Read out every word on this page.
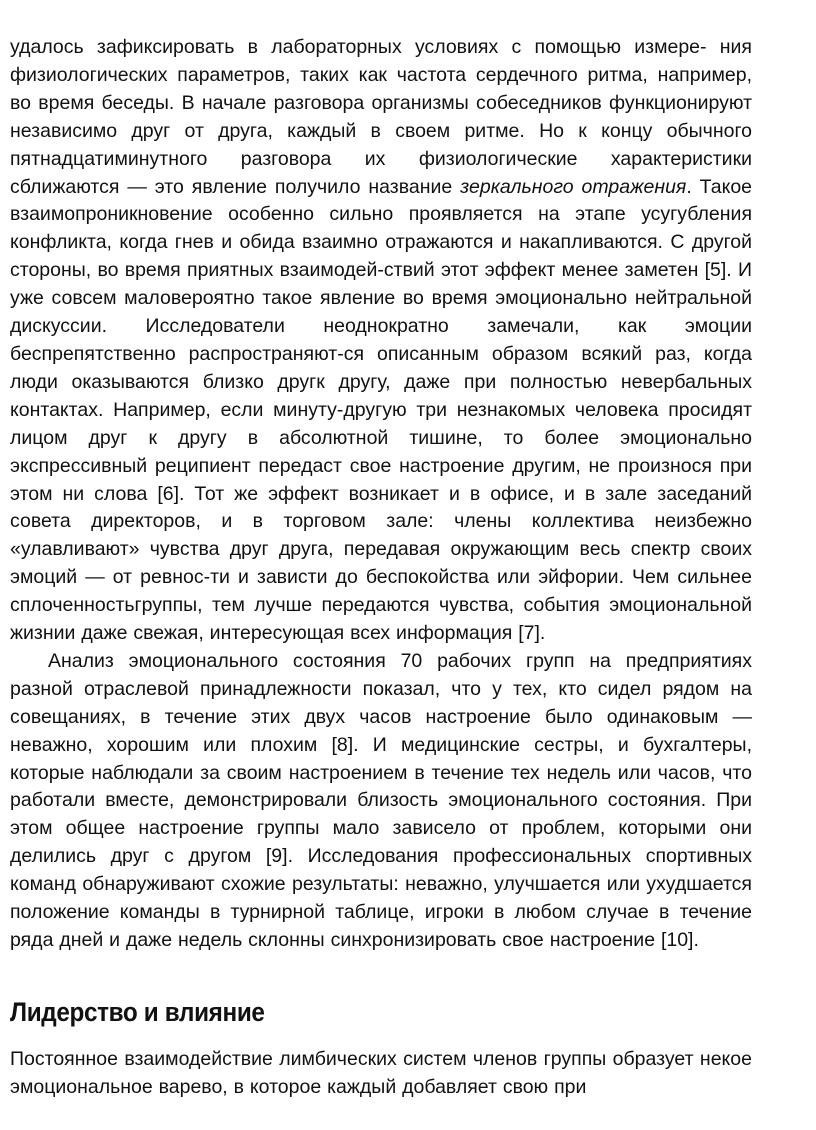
удалось зафиксировать в лабораторных условиях с помощью измере- ния физиологических параметров, таких как частота сердечного ритма, например, во время беседы. В начале разговора организмы собеседников функционируют независимо друг от друга, каждый в своем ритме. Но к концу обычного пятнадцатиминутного разговора их физиологические характеристики сближаются — это явление получило название зеркального отражения. Такое взаимопроникновение особенно сильно проявляется на этапе усугубления конфликта, когда гнев и обида взаимно отражаются и накапливаются. С другой стороны, во время приятных взаимодей-ствий этот эффект менее заметен [5]. И уже совсем маловероятно такое явление во время эмоционально нейтральной дискуссии. Исследователи неоднократно замечали, как эмоции беспрепятственно распространяют-ся описанным образом всякий раз, когда люди оказываются близко другк другу, даже при полностью невербальных контактах. Например, если минуту-другую три незнакомых человека просидят лицом друг к другу в абсолютной тишине, то более эмоционально экспрессивный реципиент передаст свое настроение другим, не произнося при этом ни слова [6]. Тот же эффект возникает и в офисе, и в зале заседаний совета директоров, и в торговом зале: члены коллектива неизбежно «улавливают» чувства друг друга, передавая окружающим весь спектр своих эмоций — от ревнос-ти и зависти до беспокойства или эйфории. Чем сильнее сплоченностьгруппы, тем лучше передаются чувства, события эмоциональной жизнии даже свежая, интересующая всех информация [7].

Анализ эмоционального состояния 70 рабочих групп на предприятиях разной отраслевой принадлежности показал, что у тех, кто сидел рядом на совещаниях, в течение этих двух часов настроение было одинаковым — неважно, хорошим или плохим [8]. И медицинские сестры, и бухгалтеры, которые наблюдали за своим настроением в течение тех недель или часов, что работали вместе, демонстрировали близость эмоционального состояния. При этом общее настроение группы мало зависело от проблем, которыми они делились друг с другом [9]. Исследования профессиональных спортивных команд обнаруживают схожие результаты: неважно, улучшается или ухудшается положение команды в турнирной таблице, игроки в любом случае в течение ряда дней и даже недель склонны синхронизировать свое настроение [10].

Лидерство и влияние

Постоянное взаимодействие лимбических систем членов группы образует некое эмоциональное варево, в которое каждый добавляет свою при
